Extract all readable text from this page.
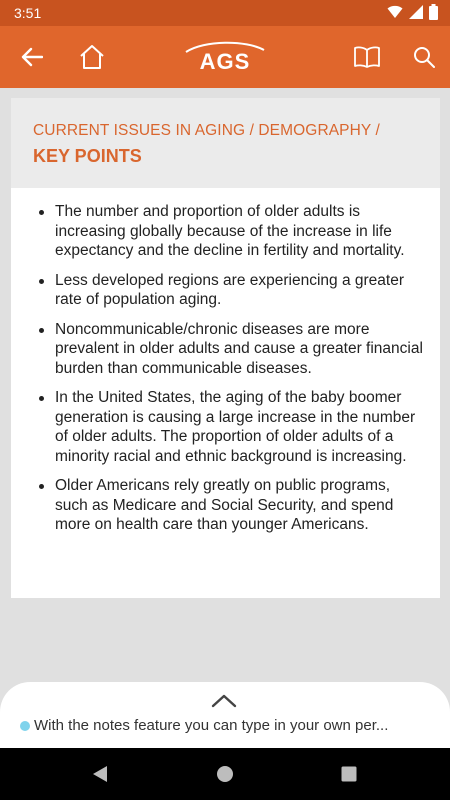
3:51
AGS
CURRENT ISSUES IN AGING / DEMOGRAPHY /
KEY POINTS
The number and proportion of older adults is increasing globally because of the increase in life expectancy and the decline in fertility and mortality.
Less developed regions are experiencing a greater rate of population aging.
Noncommunicable/chronic diseases are more prevalent in older adults and cause a greater financial burden than communicable diseases.
In the United States, the aging of the baby boomer generation is causing a large increase in the number of older adults. The proportion of older adults of a minority racial and ethnic background is increasing.
Older Americans rely greatly on public programs, such as Medicare and Social Security, and spend more on health care than younger Americans.
With the notes feature you can type in your own per...
